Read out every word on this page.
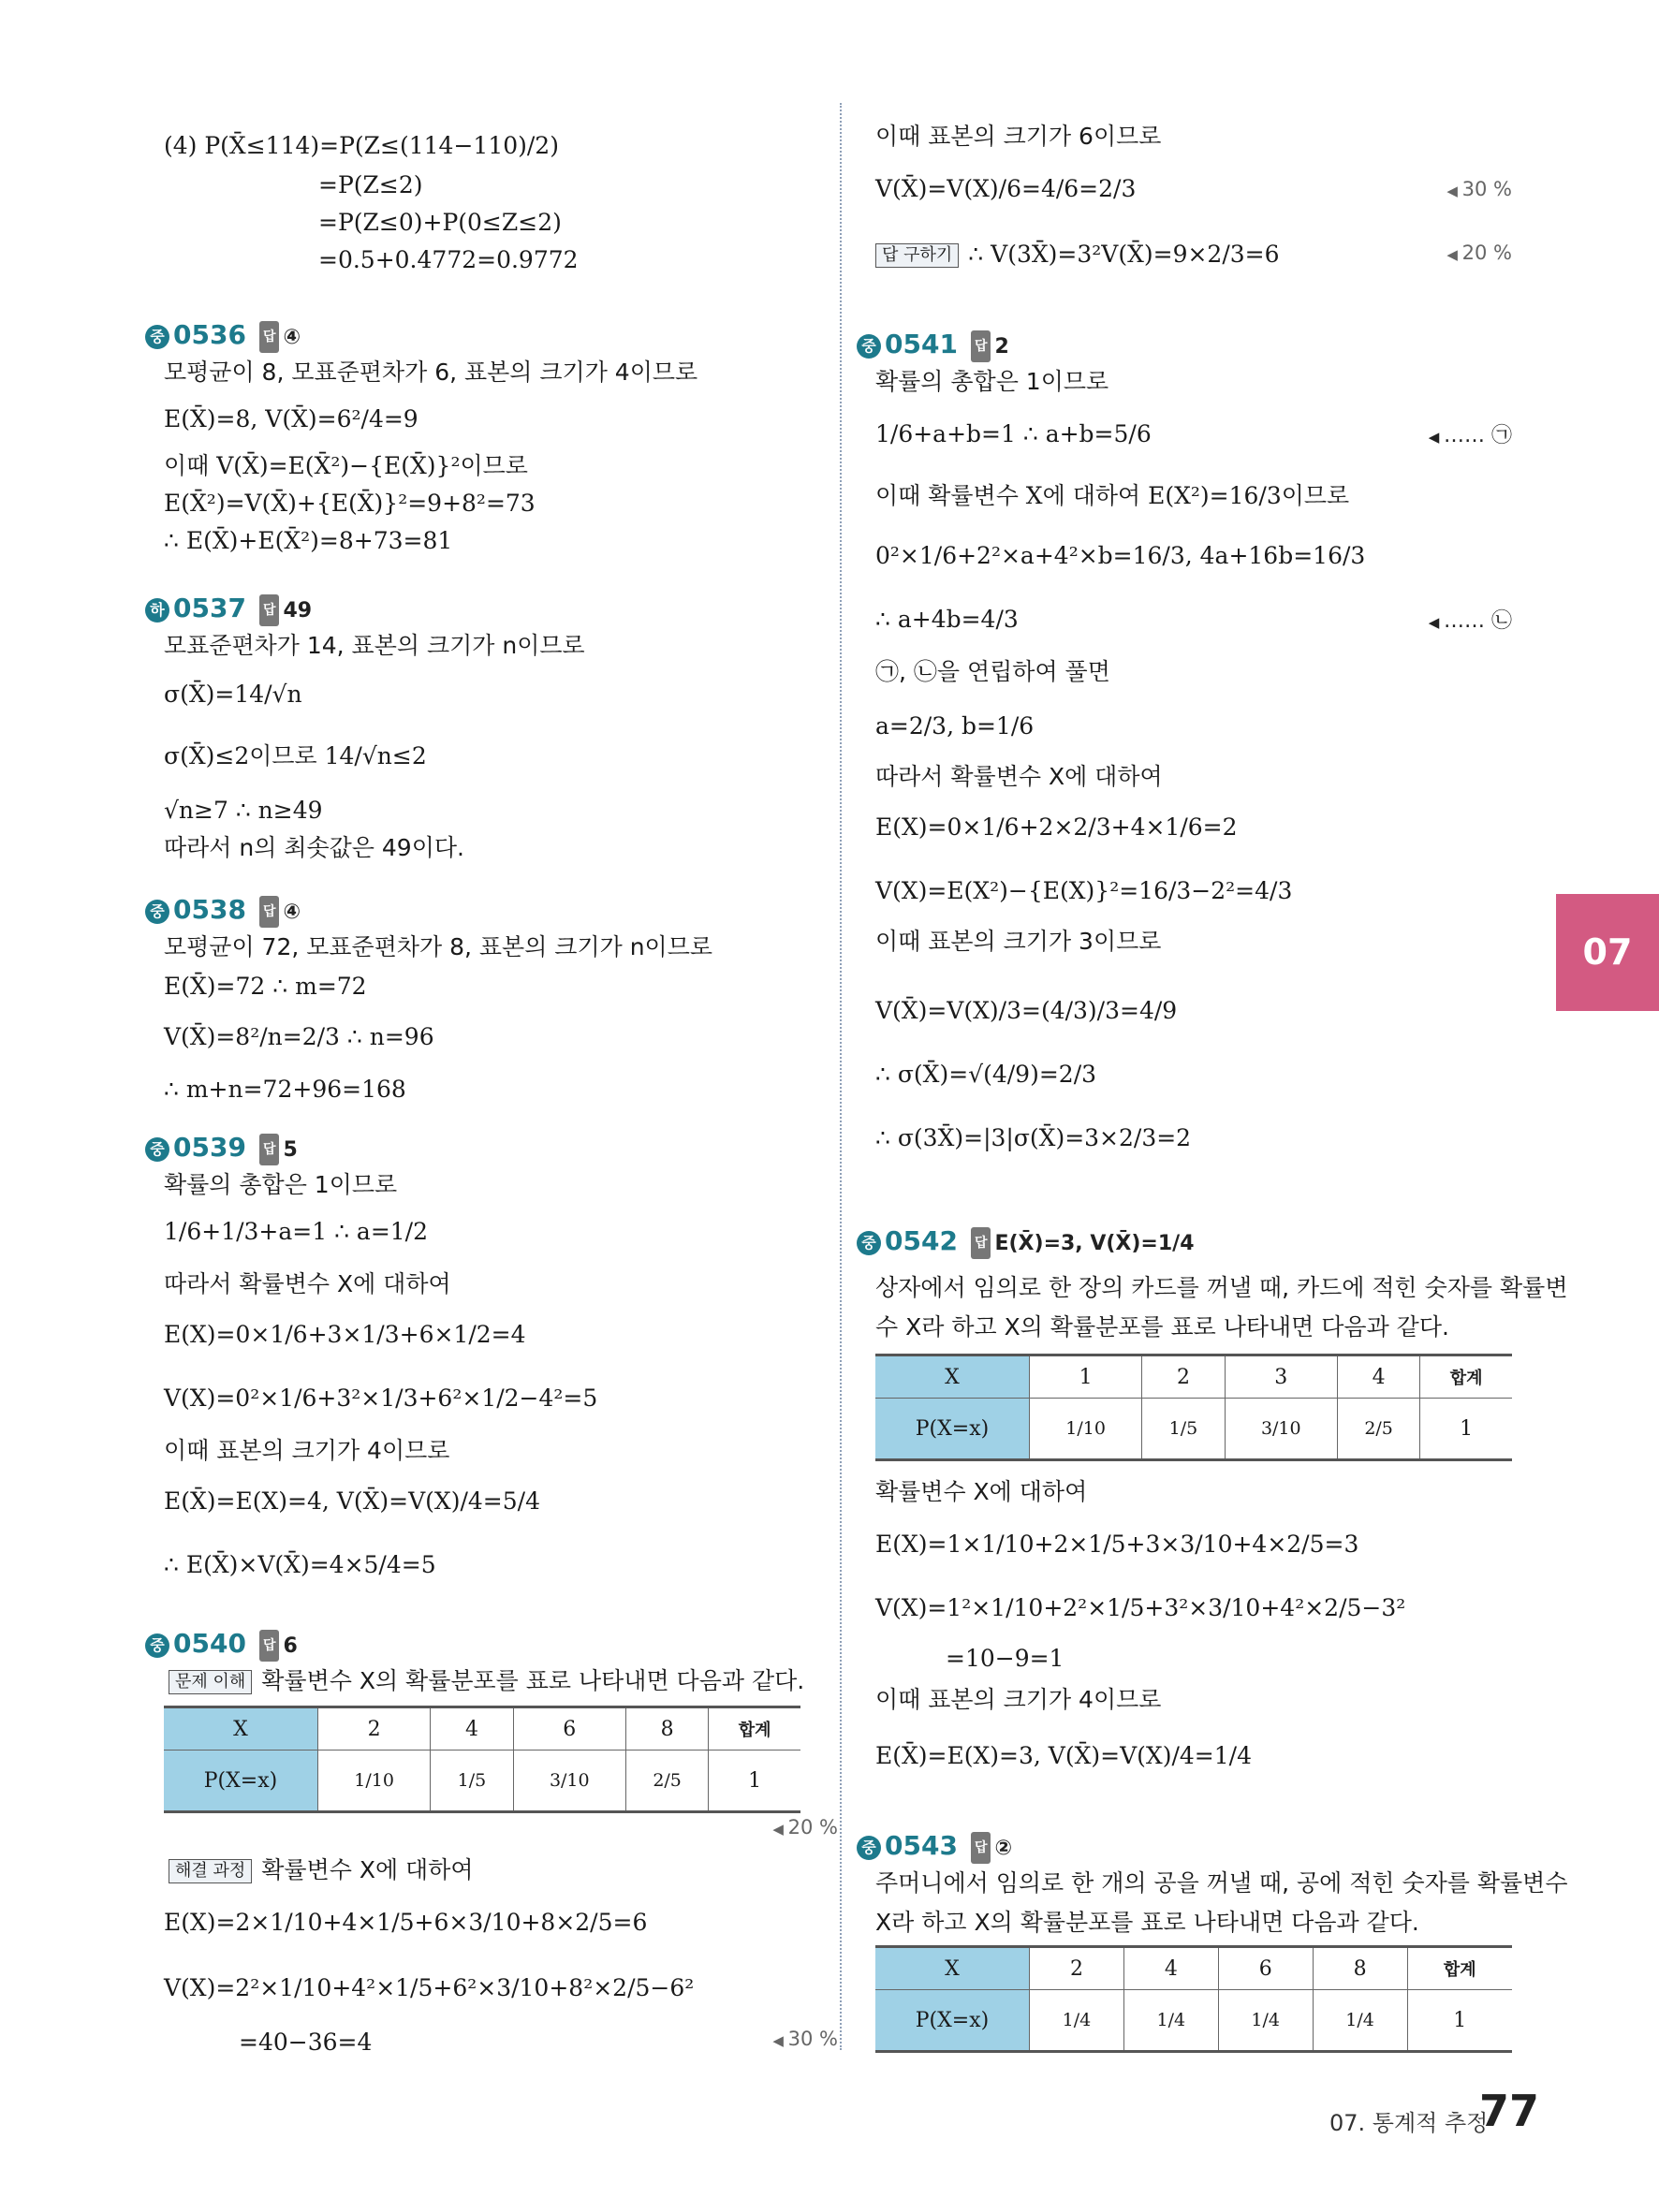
(4) P(X̄≤114)=P(Z≤(114−110)/2)
=P(Z≤2)
=P(Z≤0)+P(0≤Z≤2)
=0.5+0.4772=0.9772
중 0536 답 ④
모평균이 8, 모표준편차가 6, 표본의 크기가 4이므로
E(X̄)=8, V(X̄)=6²/4=9
이때 V(X̄)=E(X̄²)−{E(X̄)}²이므로
E(X̄²)=V(X̄)+{E(X̄)}²=9+8²=73
∴ E(X̄)+E(X̄²)=8+73=81
하 0537 답 49
모표준편차가 14, 표본의 크기가 n이므로
σ(X̄)=14/√n
σ(X̄)≤2이므로 14/√n≤2
√n≥7 ∴ n≥49
따라서 n의 최솟값은 49이다.
중 0538 답 ④
모평균이 72, 모표준편차가 8, 표본의 크기가 n이므로
E(X̄)=72 ∴ m=72
V(X̄)=8²/n=2/3 ∴ n=96
∴ m+n=72+96=168
중 0539 답 5
확률의 총합은 1이므로
1/6+1/3+a=1 ∴ a=1/2
따라서 확률변수 X에 대하여
E(X)=0×1/6+3×1/3+6×1/2=4
V(X)=0²×1/6+3²×1/3+6²×1/2−4²=5
이때 표본의 크기가 4이므로
E(X̄)=E(X)=4, V(X̄)=V(X)/4=5/4
∴ E(X̄)×V(X̄)=4×5/4=5
중 0540 답 6
문제 이해 확률변수 X의 확률분포를 표로 나타내면 다음과 같다.
X	2	4	6	8	합계
P(X=x)	1/10	1/5	3/10	2/5	1
◀ 20 %
해결 과정 확률변수 X에 대하여
E(X)=2×1/10+4×1/5+6×3/10+8×2/5=6
V(X)=2²×1/10+4²×1/5+6²×3/10+8²×2/5−6²
=40−36=4	◀ 30 %
이때 표본의 크기가 6이므로
V(X̄)=V(X)/6=4/6=2/3	◀ 30 %
답 구하기 ∴ V(3X̄)=3²V(X̄)=9×2/3=6	◀ 20 %
중 0541 답 2
확률의 총합은 1이므로
1/6+a+b=1 ∴ a+b=5/6	◀ …… ㉠
이때 확률변수 X에 대하여 E(X²)=16/3이므로
0²×1/6+2²×a+4²×b=16/3, 4a+16b=16/3
∴ a+4b=4/3	◀ …… ㉡
㉠, ㉡을 연립하여 풀면
a=2/3, b=1/6
따라서 확률변수 X에 대하여
E(X)=0×1/6+2×2/3+4×1/6=2
V(X)=E(X²)−{E(X)}²=16/3−2²=4/3
이때 표본의 크기가 3이므로
V(X̄)=V(X)/3=(4/3)/3=4/9
∴ σ(X̄)=√(4/9)=2/3
∴ σ(3X̄)=|3|σ(X̄)=3×2/3=2
중 0542 답 E(X̄)=3, V(X̄)=1/4
상자에서 임의로 한 장의 카드를 꺼낼 때, 카드에 적힌 숫자를 확률변
수 X라 하고 X의 확률분포를 표로 나타내면 다음과 같다.
X	1	2	3	4	합계
P(X=x)	1/10	1/5	3/10	2/5	1
확률변수 X에 대하여
E(X)=1×1/10+2×1/5+3×3/10+4×2/5=3
V(X)=1²×1/10+2²×1/5+3²×3/10+4²×2/5−3²
=10−9=1
이때 표본의 크기가 4이므로
E(X̄)=E(X)=3, V(X̄)=V(X)/4=1/4
중 0543 답 ②
주머니에서 임의로 한 개의 공을 꺼낼 때, 공에 적힌 숫자를 확률변수
X라 하고 X의 확률분포를 표로 나타내면 다음과 같다.
X	2	4	6	8	합계
P(X=x)	1/4	1/4	1/4	1/4	1
07
07. 통계적 추정
77
